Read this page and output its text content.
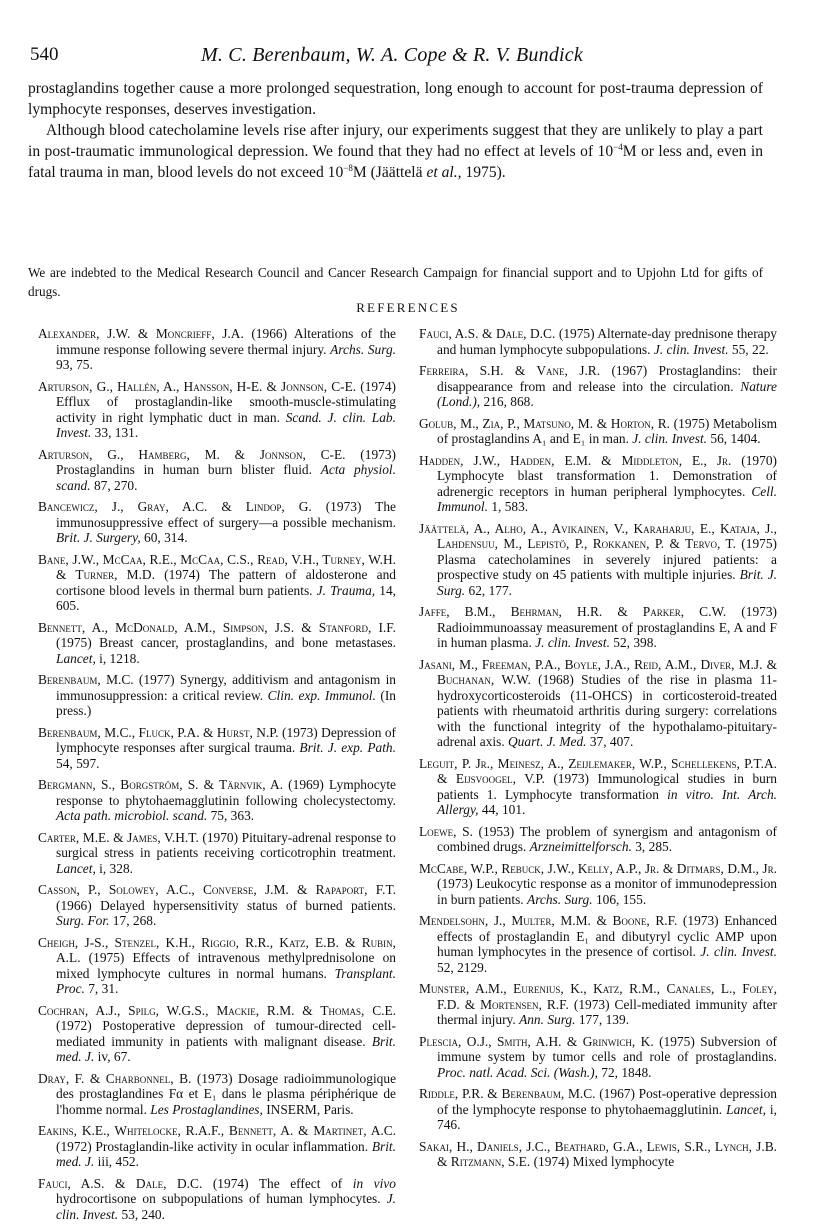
540	M. C. Berenbaum, W. A. Cope & R. V. Bundick

prostaglandins together cause a more prolonged sequestration, long enough to account for post-trauma depression of lymphocyte responses, deserves investigation.

Although blood catecholamine levels rise after injury, our experiments suggest that they are unlikely to play a part in post-traumatic immunological depression. We found that they had no effect at levels of $10^{-4}M$ or less and, even in fatal trauma in man, blood levels do not exceed $10^{-8}M$ (Jäättelä et al., 1975).

We are indebted to the Medical Research Council and Cancer Research Campaign for financial support and to Upjohn Ltd for gifts of drugs.
REFERENCES

Alexander, J.W. & Moncrieff, J.A. (1966) Alterations of the immune response following severe thermal injury. Archs. Surg. 93, 75.

Arturson, G., Hallén, A., Hansson, H-E. & Jonnson, C-E. (1974) Efflux of prostaglandin-like smooth-muscle-stimulating activity in right lymphatic duct in man. Scand. J. clin. Lab. Invest. 33, 131.

Arturson, G., Hamberg, M. & Jonnson, C-E. (1973) Prostaglandins in human burn blister fluid. Acta physiol. scand. 87, 270.

Bancewicz, J., Gray, A.C. & Lindop, G. (1973) The immunosuppressive effect of surgery—a possible mechanism. Brit. J. Surgery, 60, 314.

Bane, J.W., McCaa, R.E., McCaa, C.S., Read, V.H., Turney, W.H. & Turner, M.D. (1974) The pattern of aldosterone and cortisone blood levels in thermal burn patients. J. Trauma, 14, 605.

Bennett, A., McDonald, A.M., Simpson, J.S. & Stanford, I.F. (1975) Breast cancer, prostaglandins, and bone metastases. Lancet, i, 1218.

Berenbaum, M.C. (1977) Synergy, additivism and antagonism in immunosuppression: a critical review. Clin. exp. Immunol. (In press.)

Berenbaum, M.C., Fluck, P.A. & Hurst, N.P. (1973) Depression of lymphocyte responses after surgical trauma. Brit. J. exp. Path. 54, 597.

Bergmann, S., Borgström, S. & Tärnvik, A. (1969) Lymphocyte response to phytohaemagglutinin following cholecystectomy. Acta path. microbiol. scand. 75, 363.

Carter, M.E. & James, V.H.T. (1970) Pituitary-adrenal response to surgical stress in patients receiving corticotrophin treatment. Lancet, i, 328.

Casson, P., Solowey, A.C., Converse, J.M. & Rapaport, F.T. (1966) Delayed hypersensitivity status of burned patients. Surg. For. 17, 268.

Cheigh, J-S., Stenzel, K.H., Riggio, R.R., Katz, E.B. & Rubin, A.L. (1975) Effects of intravenous methylprednisolone on mixed lymphocyte cultures in normal humans. Transplant. Proc. 7, 31.

Cochran, A.J., Spilg, W.G.S., Mackie, R.M. & Thomas, C.E. (1972) Postoperative depression of tumour-directed cell-mediated immunity in patients with malignant disease. Brit. med. J. iv, 67.

Dray, F. & Charbonnel, B. (1973) Dosage radioimmunologique des prostaglandines Fα et E₁ dans le plasma périphérique de l'homme normal. Les Prostaglandines, INSERM, Paris.

Eakins, K.E., Whitelocke, R.A.F., Bennett, A. & Martinet, A.C. (1972) Prostaglandin-like activity in ocular inflammation. Brit. med. J. iii, 452.

Fauci, A.S. & Dale, D.C. (1974) The effect of in vivo hydrocortisone on subpopulations of human lymphocytes. J. clin. Invest. 53, 240.

Fauci, A.S. & Dale, D.C. (1975) Alternate-day prednisone therapy and human lymphocyte subpopulations. J. clin. Invest. 55, 22.

Ferreira, S.H. & Vane, J.R. (1967) Prostaglandins: their disappearance from and release into the circulation. Nature (Lond.), 216, 868.

Golub, M., Zia, P., Matsuno, M. & Horton, R. (1975) Metabolism of prostaglandins A₁ and E₁ in man. J. clin. Invest. 56, 1404.

Hadden, J.W., Hadden, E.M. & Middleton, E., Jr. (1970) Lymphocyte blast transformation 1. Demonstration of adrenergic receptors in human peripheral lymphocytes. Cell. Immunol. 1, 583.

Jäättelä, A., Alho, A., Avikainen, V., Karaharju, E., Kataja, J., Lahdensuu, M., Lepistö, P., Rokkanen, P. & Tervo, T. (1975) Plasma catecholamines in severely injured patients: a prospective study on 45 patients with multiple injuries. Brit. J. Surg. 62, 177.

Jaffe, B.M., Behrman, H.R. & Parker, C.W. (1973) Radioimmunoassay measurement of prostaglandins E, A and F in human plasma. J. clin. Invest. 52, 398.

Jasani, M., Freeman, P.A., Boyle, J.A., Reid, A.M., Diver, M.J. & Buchanan, W.W. (1968) Studies of the rise in plasma 11-hydroxycorticosteroids (11-OHCS) in corticosteroid-treated patients with rheumatoid arthritis during surgery: correlations with the functional integrity of the hypothalamo-pituitary-adrenal axis. Quart. J. Med. 37, 407.

Leguit, P. Jr., Meinesz, A., Zeijlemaker, W.P., Schellekens, P.T.A. & Eijsvoogel, V.P. (1973) Immunological studies in burn patients 1. Lymphocyte transformation in vitro. Int. Arch. Allergy, 44, 101.

Loewe, S. (1953) The problem of synergism and antagonism of combined drugs. Arzneimittelforsch. 3, 285.

McCabe, W.P., Rebuck, J.W., Kelly, A.P., Jr. & Ditmars, D.M., Jr. (1973) Leukocytic response as a monitor of immunodepression in burn patients. Archs. Surg. 106, 155.

Mendelsohn, J., Multer, M.M. & Boone, R.F. (1973) Enhanced effects of prostaglandin E₁ and dibutyryl cyclic AMP upon human lymphocytes in the presence of cortisol. J. clin. Invest. 52, 2129.

Munster, A.M., Eurenius, K., Katz, R.M., Canales, L., Foley, F.D. & Mortensen, R.F. (1973) Cell-mediated immunity after thermal injury. Ann. Surg. 177, 139.

Plescia, O.J., Smith, A.H. & Grinwich, K. (1975) Subversion of immune system by tumor cells and role of prostaglandins. Proc. natl. Acad. Sci. (Wash.), 72, 1848.

Riddle, P.R. & Berenbaum, M.C. (1967) Post-operative depression of the lymphocyte response to phytohaemagglutinin. Lancet, i, 746.

Sakai, H., Daniels, J.C., Beathard, G.A., Lewis, S.R., Lynch, J.B. & Ritzmann, S.E. (1974) Mixed lymphocyte
